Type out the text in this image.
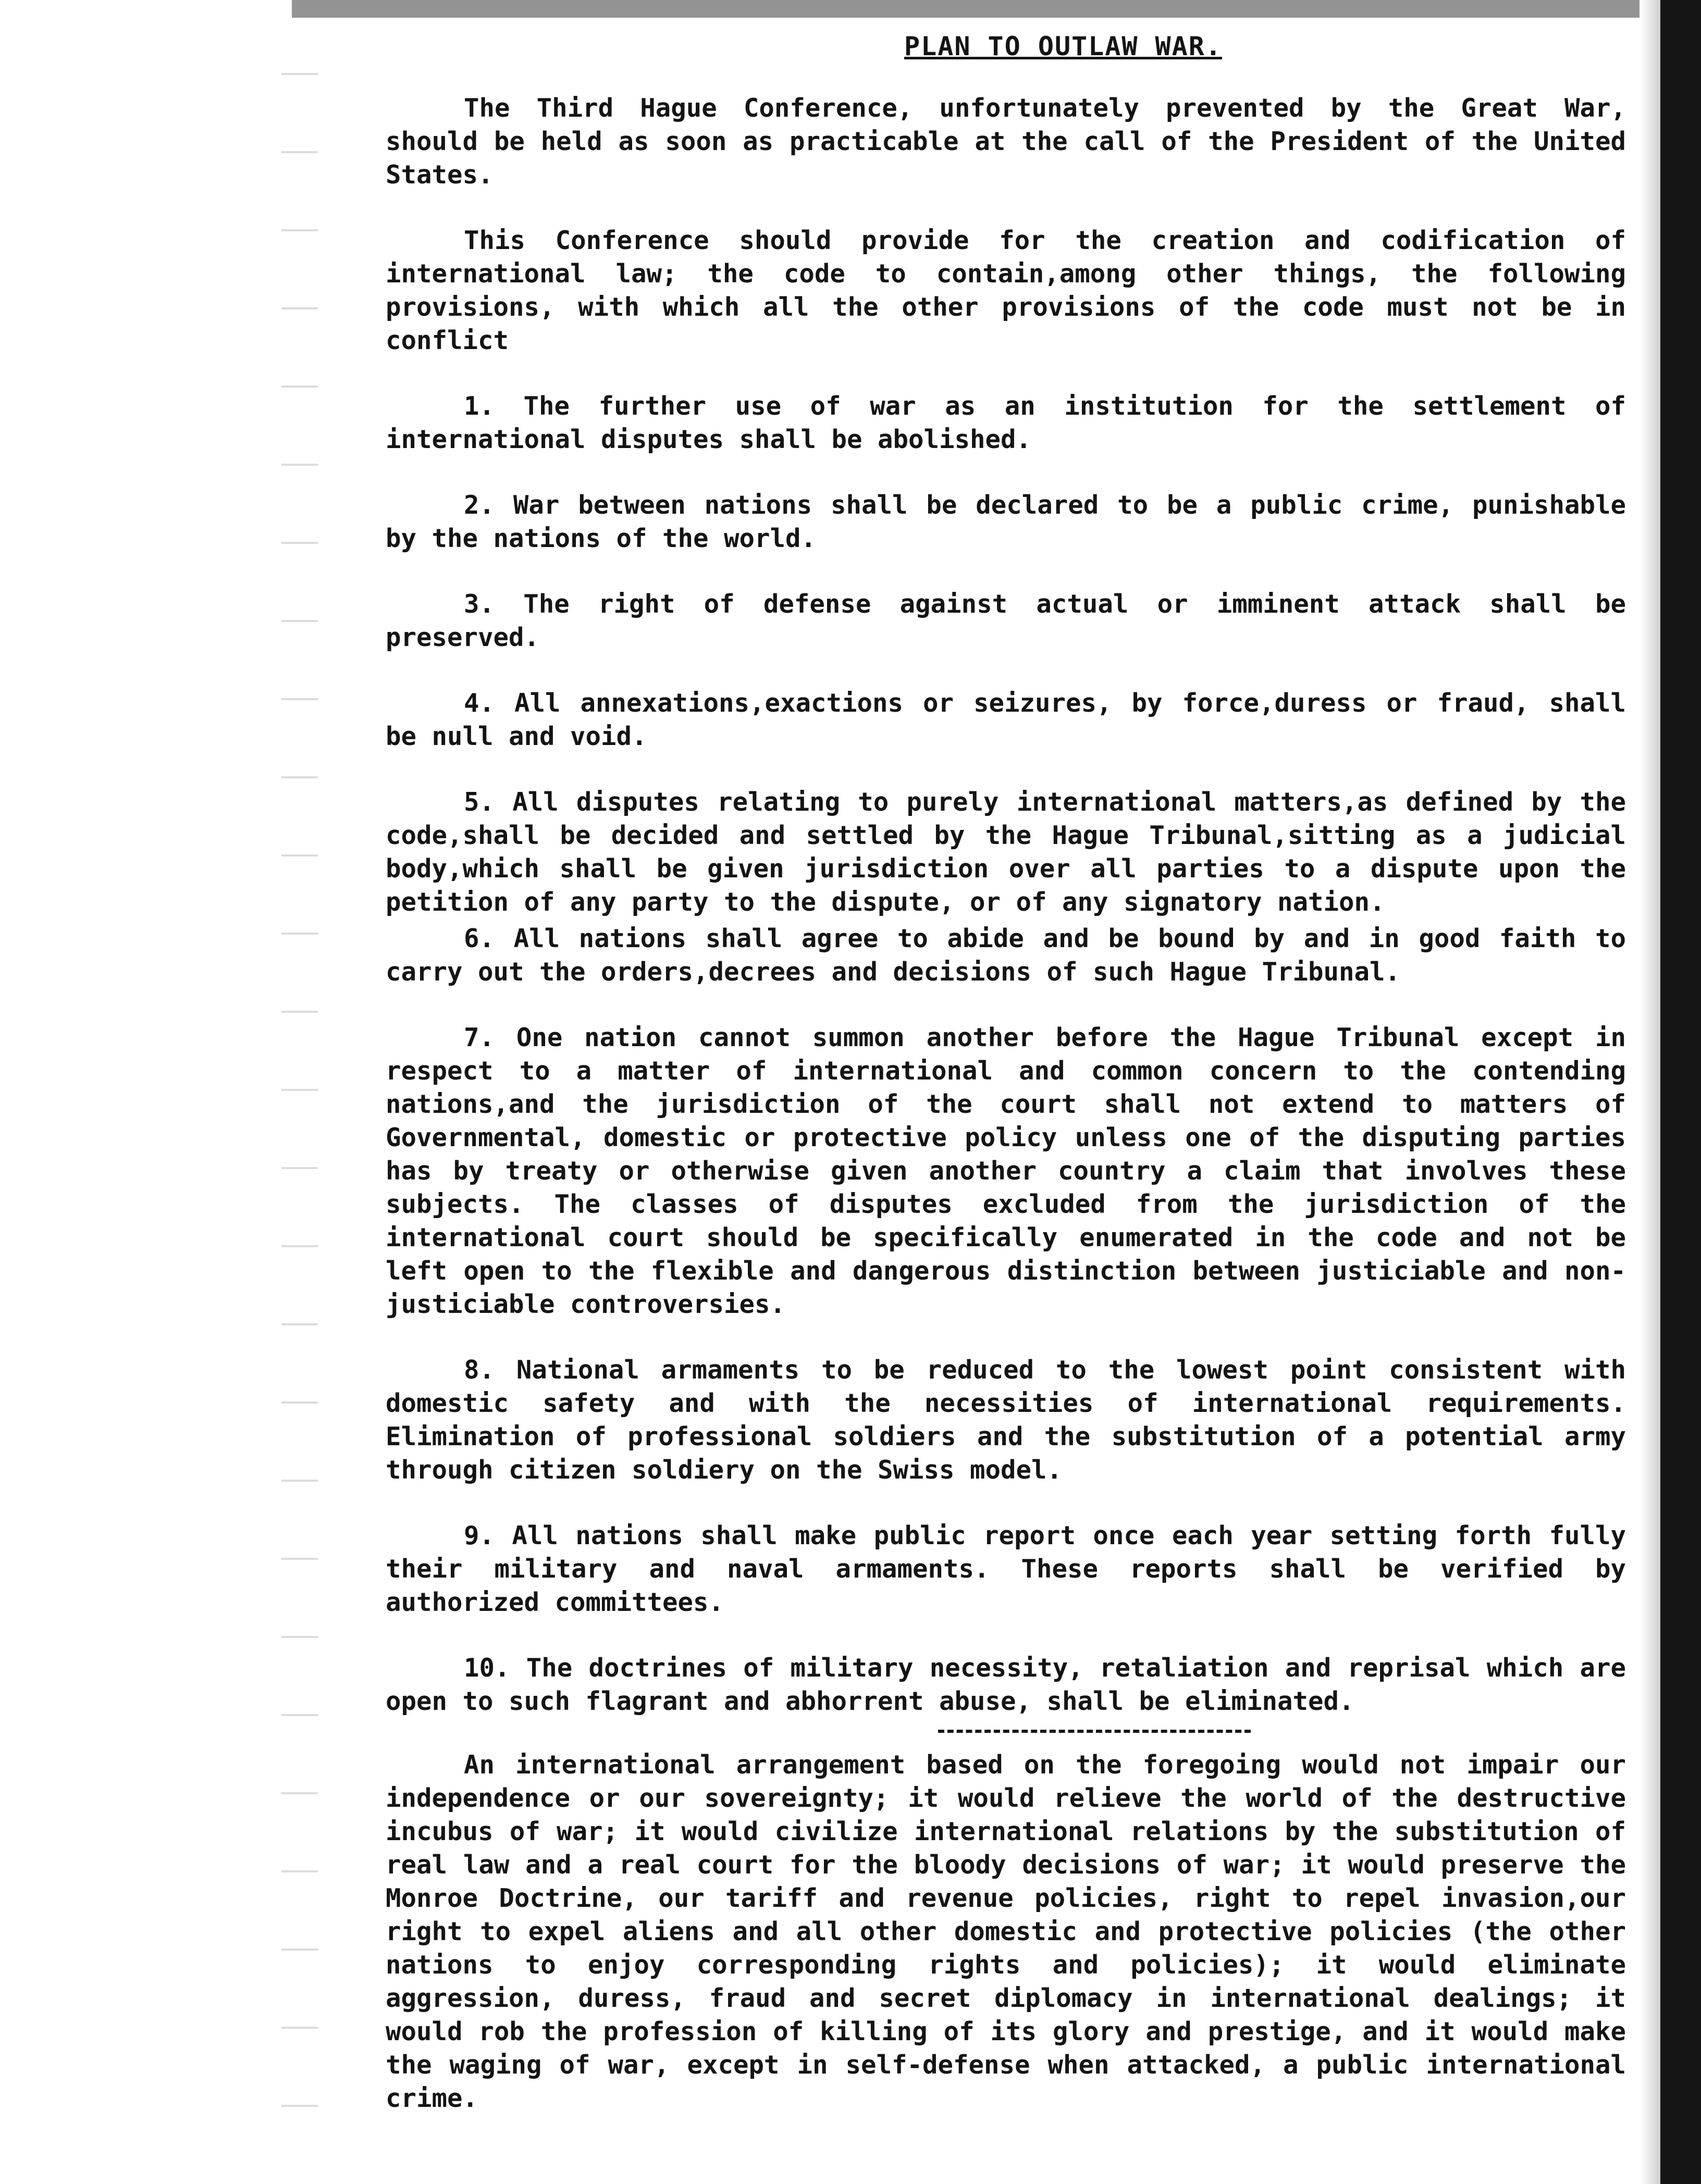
PLAN TO OUTLAW WAR.

The Third Hague Conference, unfortunately prevented by the Great War, should be held as soon as practicable at the call of the President of the United States.

This Conference should provide for the creation and codification of international law; the code to contain,among other things, the following provisions, with which all the other provisions of the code must not be in conflict

1. The further use of war as an institution for the settlement of international disputes shall be abolished.

2. War between nations shall be declared to be a public crime, punishable by the nations of the world.

3. The right of defense against actual or imminent attack shall be preserved.

4. All annexations,exactions or seizures, by force,duress or fraud, shall be null and void.

5. All disputes relating to purely international matters,as defined by the code,shall be decided and settled by the Hague Tribunal,sitting as a judicial body,which shall be given jurisdiction over all parties to a dispute upon the petition of any party to the dispute, or of any signatory nation.

6. All nations shall agree to abide and be bound by and in good faith to carry out the orders,decrees and decisions of such Hague Tribunal.

7. One nation cannot summon another before the Hague Tribunal except in respect to a matter of international and common concern to the contending nations,and the jurisdiction of the court shall not extend to matters of Governmental, domestic or protective policy unless one of the disputing parties has by treaty or otherwise given another country a claim that involves these subjects. The classes of disputes excluded from the jurisdiction of the international court should be specifically enumerated in the code and not be left open to the flexible and dangerous distinction between justiciable and non-justiciable controversies.

8. National armaments to be reduced to the lowest point consistent with domestic safety and with the necessities of international requirements. Elimination of professional soldiers and the substitution of a potential army through citizen soldiery on the Swiss model.

9. All nations shall make public report once each year setting forth fully their military and naval armaments. These reports shall be verified by authorized committees.

10. The doctrines of military necessity, retaliation and reprisal which are open to such flagrant and abhorrent abuse, shall be eliminated.

An international arrangement based on the foregoing would not impair our independence or our sovereignty; it would relieve the world of the destructive incubus of war; it would civilize international relations by the substitution of real law and a real court for the bloody decisions of war; it would preserve the Monroe Doctrine, our tariff and revenue policies, right to repel invasion,our right to expel aliens and all other domestic and protective policies (the other nations to enjoy corresponding rights and policies); it would eliminate aggression, duress, fraud and secret diplomacy in international dealings; it would rob the profession of killing of its glory and prestige, and it would make the waging of war, except in self-defense when attacked, a public international crime.
